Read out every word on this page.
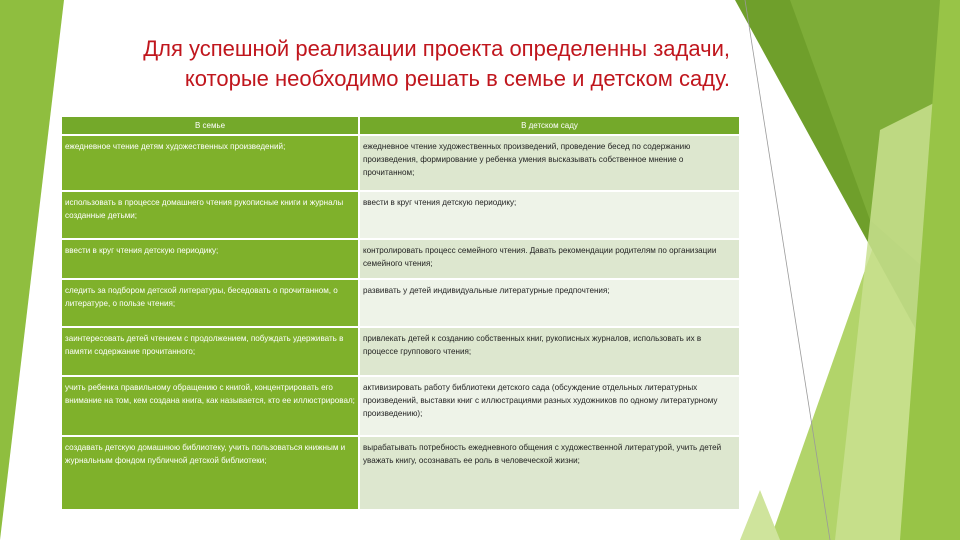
Для успешной реализации проекта определенны задачи,
которые необходимо решать в семье и детском саду.
В семье	В детском саду
ежедневное чтение детям художественных произведений;	ежедневное чтение художественных произведений, проведение бесед по содержанию произведения, формирование у ребенка умения высказывать собственное мнение о прочитанном;
использовать в процессе домашнего чтения рукописные книги и журналы созданные детьми;	ввести в круг чтения детскую периодику;
ввести в круг чтения детскую периодику;	контролировать процесс семейного чтения. Давать рекомендации родителям по организации семейного чтения;
следить за подбором детской литературы, беседовать о прочитанном, о литературе, о пользе чтения;	развивать у детей индивидуальные литературные предпочтения;
заинтересовать детей чтением с продолжением, побуждать удерживать в памяти содержание прочитанного;	привлекать детей к созданию собственных книг, рукописных журналов, использовать их в процессе группового чтения;
учить ребенка правильному обращению с книгой, концентрировать его внимание на том, кем создана книга, как называется, кто ее иллюстрировал;	активизировать работу библиотеки детского сада (обсуждение отдельных литературных произведений, выставки книг с иллюстрациями разных художников по одному литературному произведению);
создавать детскую домашнюю библиотеку, учить пользоваться книжным и журнальным фондом публичной детской библиотеки;	вырабатывать потребность ежедневного общения с художественной литературой, учить детей уважать книгу, осознавать ее роль в человеческой жизни;
